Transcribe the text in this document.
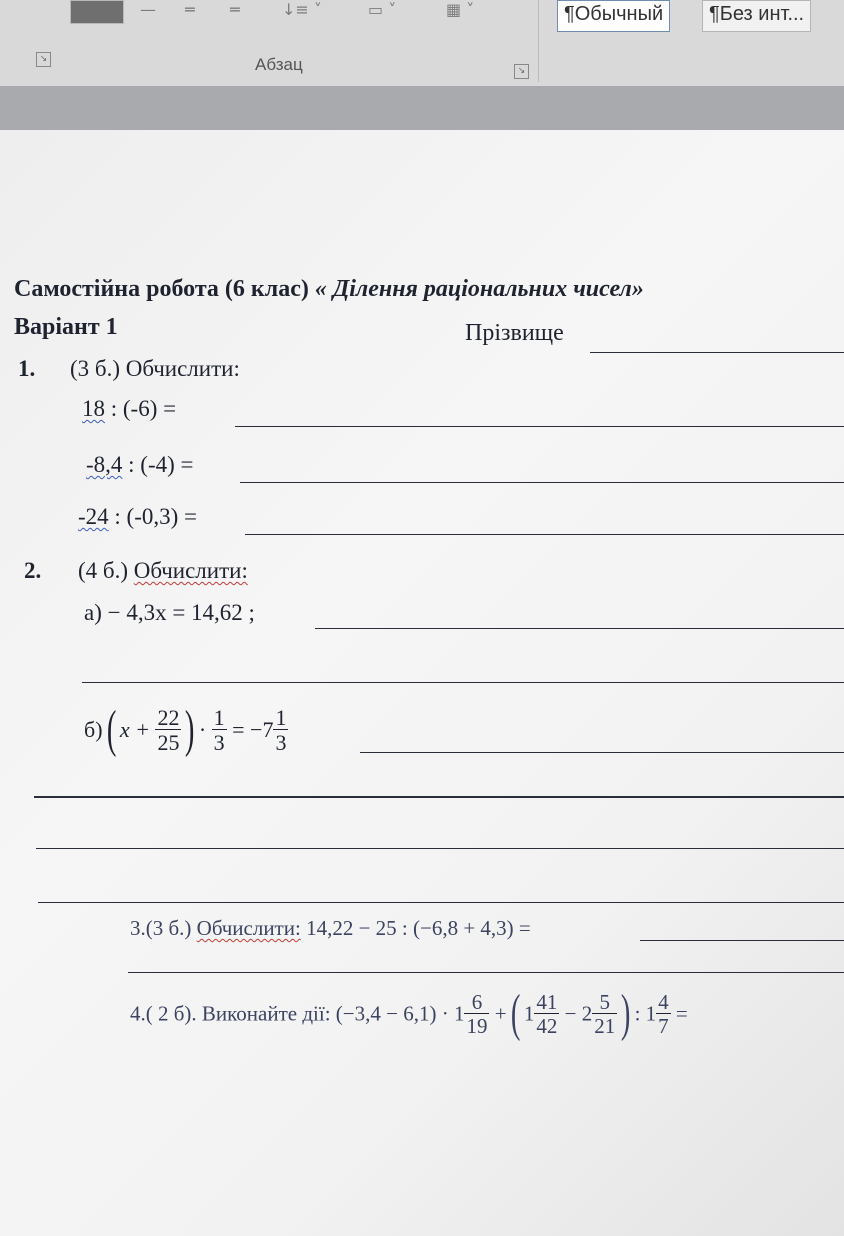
— ═ ═	↓≡ ˅	▭ ˅	▦ ˅	¶Обычный	¶Без инт...
↘	Абзац	↘
Самостійна робота (6 клас) « Ділення раціональних чисел»
Варіант 1	Прізвище
1. (3 б.) Обчислити:
18 : (-6) =
-8,4 : (-4) =
-24 : (-0,3) =
2. (4 б.) Обчислити:
а) − 4,3x = 14,62 ;
б)( $x + \frac{22}{25}$ ) · $\frac{1}{3} = -7 \frac{1}{3}$
3.(3 б.) Обчислити: 14,22 − 25 : (−6,8 + 4,3) =
4.( 2 б). Виконайте дії: $(-3,4 - 6,1) \cdot 1 \frac{6}{19}$ +( $1 \frac{41}{42} - 2 \frac{5}{21}$ ) : $1 \frac{4}{7}$ =
